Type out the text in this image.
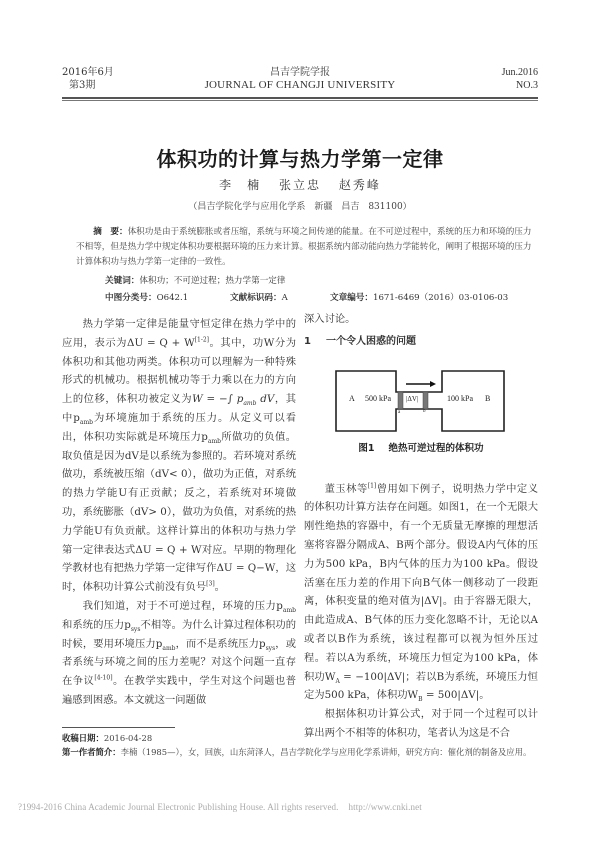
2016年6月
第3期
昌吉学院学报
JOURNAL OF CHANGJI UNIVERSITY
Jun.2016
NO.3
体积功的计算与热力学第一定律
李　楠 张立忠 赵秀峰
（昌吉学院化学与应用化学系　新疆　昌吉　831100）
摘　要：体积功是由于系统膨胀或者压缩，系统与环境之间传递的能量。在不可逆过程中，系统的压力和环境的压力不相等，但是热力学中规定体积功要根据环境的压力来计算。根据系统内部动能向热力学能转化，阐明了根据环境的压力计算体积功与热力学第一定律的一致性。
关键词：体积功；不可逆过程；热力学第一定律
中图分类号：O642.1	文献标识码：A	文章编号：1671-6469（2016）03-0106-03

热力学第一定律是能量守恒定律在热力学中的应用，表示为ΔU = Q + W[1-2]。其中，功W分为体积功和其他功两类。体积功可以理解为一种特殊形式的机械功。根据机械功等于力乘以在力的方向上的位移，体积功被定义为W = −∫ $p_{amb}$ dV，其中$p_{amb}$为环境施加于系统的压力。从定义可以看出，体积功实际就是环境压力$p_{amb}$所做功的负值。取负值是因为dV是以系统为参照的。若环境对系统做功，系统被压缩（dV< 0），做功为正值，对系统的热力学能U有正贡献；反之，若系统对环境做功，系统膨胀（dV> 0），做功为负值，对系统的热力学能U有负贡献。这样计算出的体积功与热力学第一定律表达式ΔU = Q + W对应。早期的物理化学教材也有把热力学第一定律写作ΔU = Q−W，这时，体积功计算公式前没有负号[3]。

我们知道，对于不可逆过程，环境的压力$p_{amb}$和系统的压力$p_{sys}$不相等。为什么计算过程体积功的时候，要用环境压力$p_{amb}$，而不是系统压力$p_{sys}$，或者系统与环境之间的压力差呢？对这个问题一直存在争议[4-10]。在教学实践中，学生对这个问题也普遍感到困惑。本文就这一问题做

深入讨论。

1 一个令人困惑的问题

董玉林等[1]曾用如下例子，说明热力学中定义的体积功计算方法存在问题。如图1，在一个无限大刚性绝热的容器中，有一个无质量无摩擦的理想活塞将容器分隔成A、B两个部分。假设A内气体的压力为500 kPa，B内气体的压力为100 kPa。假设活塞在压力差的作用下向B气体一侧移动了一段距离，体积变量的绝对值为|ΔV|。由于容器无限大，由此造成A、B气体的压力变化忽略不计，无论以A或者以B作为系统，该过程都可以视为恒外压过程。若以A为系统，环境压力恒定为100 kPa，体积功$W_A = -100|\Delta V|$；若以B为系统，环境压力恒定为500 kPa，体积功$W_B = 500|\Delta V|$。

根据体积功计算公式，对于同一个过程可以计算出两个不相等的体积功，笔者认为这是不合

A 500 kPa |ΔV|	100 kPa B
a	b
图1 绝热可逆过程的体积功
收稿日期：2016-04-28
第一作者简介：李楠（1985—），女，回族，山东菏泽人，昌吉学院化学与应用化学系讲师，研究方向：催化剂的制备及应用。
?1994-2016 China Academic Journal Electronic Publishing House. All rights reserved. http://www.cnki.net
